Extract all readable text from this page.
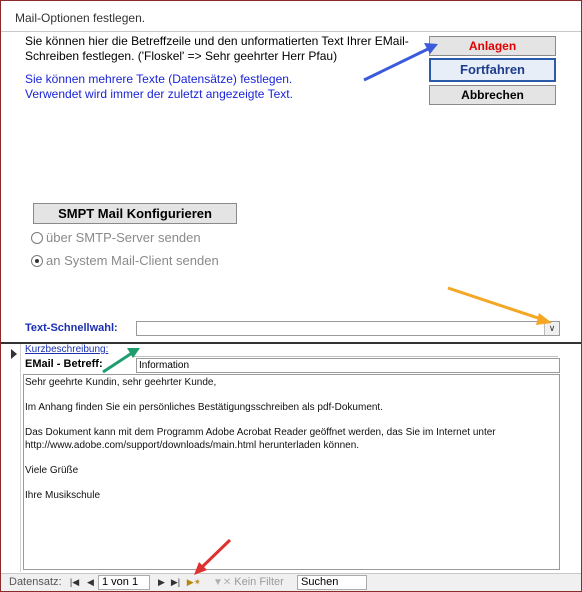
Mail-Optionen festlegen.
Sie können hier die Betreffzeile und den unformatierten Text Ihrer EMail-Schreiben festlegen. ('Floskel' => Sehr geehrter Herr Pfau)
Sie können mehrere Texte (Datensätze) festlegen.
Verwendet wird immer der zuletzt angezeigte Text.
Anlagen
Fortfahren
Abbrechen
SMPT Mail Konfigurieren
über SMTP-Server senden
an System Mail-Client senden
Text-Schnellwahl:	∨
Kurzbeschreibung:
EMail - Betreff:	Information
Sehr geehrte Kundin, sehr geehrter Kunde,

Im Anhang finden Sie ein persönliches Bestätigungsschreiben als pdf-Dokument.

Das Dokument kann mit dem Programm Adobe Acrobat Reader geöffnet werden, das Sie im Internet unter
http://www.adobe.com/support/downloads/main.html herunterladen können.

Viele Grüße

Ihre Musikschule
Datensatz: |◀ ◀ 1 von 1	▶ ▶| ▶✴ ▼✕ Kein Filter	Suchen
